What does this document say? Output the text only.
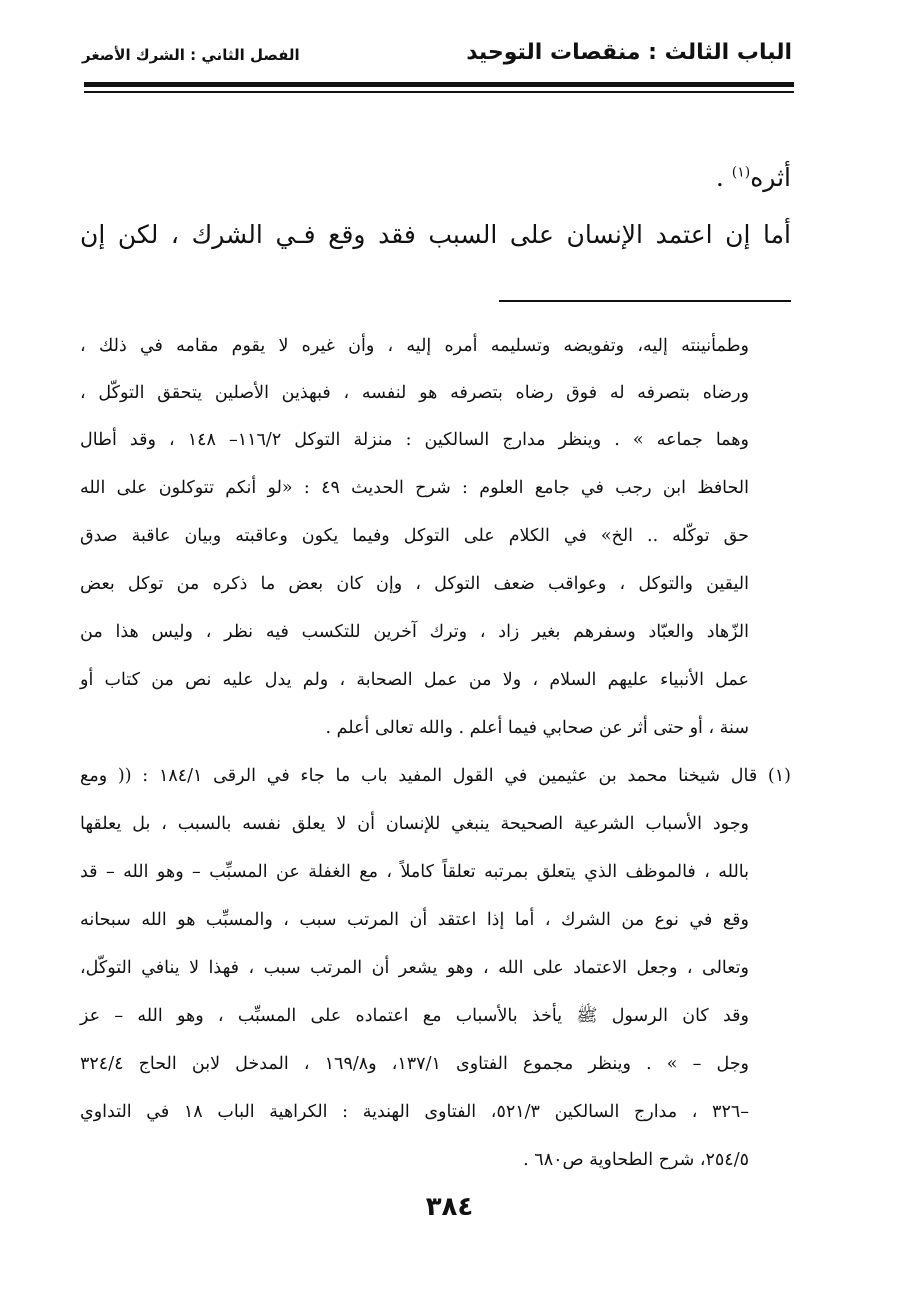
الباب الثالث : منقصات التوحيد
الفصل الثاني : الشرك الأصغر
أثره$^{(١)}$ .
أما إن اعتمد الإنسان على السبب فقد وقع فـي الشرك ، لكن إن
وطمأنينته إليه، وتفويضه وتسليمه أمره إليه ، وأن غيره لا يقوم مقامه في ذلك ،
ورضاه بتصرفه له فوق رضاه بتصرفه هو لنفسه ، فبهذين الأصلين يتحقق التوكّل ،
وهما جماعه » . وينظر مدارج السالكين : منزلة التوكل ١١٦/٢– ١٤٨ ، وقد أطال
الحافظ ابن رجب في جامع العلوم : شرح الحديث ٤٩ : «لو أنكم تتوكلون على الله
حق توكّله .. الخ» في الكلام على التوكل وفيما يكون وعاقبته وبيان عاقبة صدق
اليقين والتوكل ، وعواقب ضعف التوكل ، وإن كان بعض ما ذكره من توكل بعض
الزّهاد والعبّاد وسفرهم بغير زاد ، وترك آخرين للتكسب فيه نظر ، وليس هذا من
عمل الأنبياء عليهم السلام ، ولا من عمل الصحابة ، ولم يدل عليه نص من كتاب أو
سنة ، أو حتى أثر عن صحابي فيما أعلم . والله تعالى أعلم .
(١) قال شيخنا محمد بن عثيمين في القول المفيد باب ما جاء في الرقى ١٨٤/١ : (( ومع
وجود الأسباب الشرعية الصحيحة ينبغي للإنسان أن لا يعلق نفسه بالسبب ، بل يعلقها
بالله ، فالموظف الذي يتعلق بمرتبه تعلقاً كاملاً ، مع الغفلة عن المسبِّب – وهو الله – قد
وقع في نوع من الشرك ، أما إذا اعتقد أن المرتب سبب ، والمسبِّب هو الله سبحانه
وتعالى ، وجعل الاعتماد على الله ، وهو يشعر أن المرتب سبب ، فهذا لا ينافي التوكّل،
وقد كان الرسول ﷺ يأخذ بالأسباب مع اعتماده على المسبِّب ، وهو الله – عز
وجل – » . وينظر مجموع الفتاوى ١٣٧/١، و١٦٩/٨ ، المدخل لابن الحاج ٣٢٤/٤
–٣٢٦ ، مدارج السالكين ٥٢١/٣، الفتاوى الهندية : الكراهية الباب ١٨ في التداوي
٢٥٤/٥، شرح الطحاوية ص٦٨٠ .
٣٨٤
